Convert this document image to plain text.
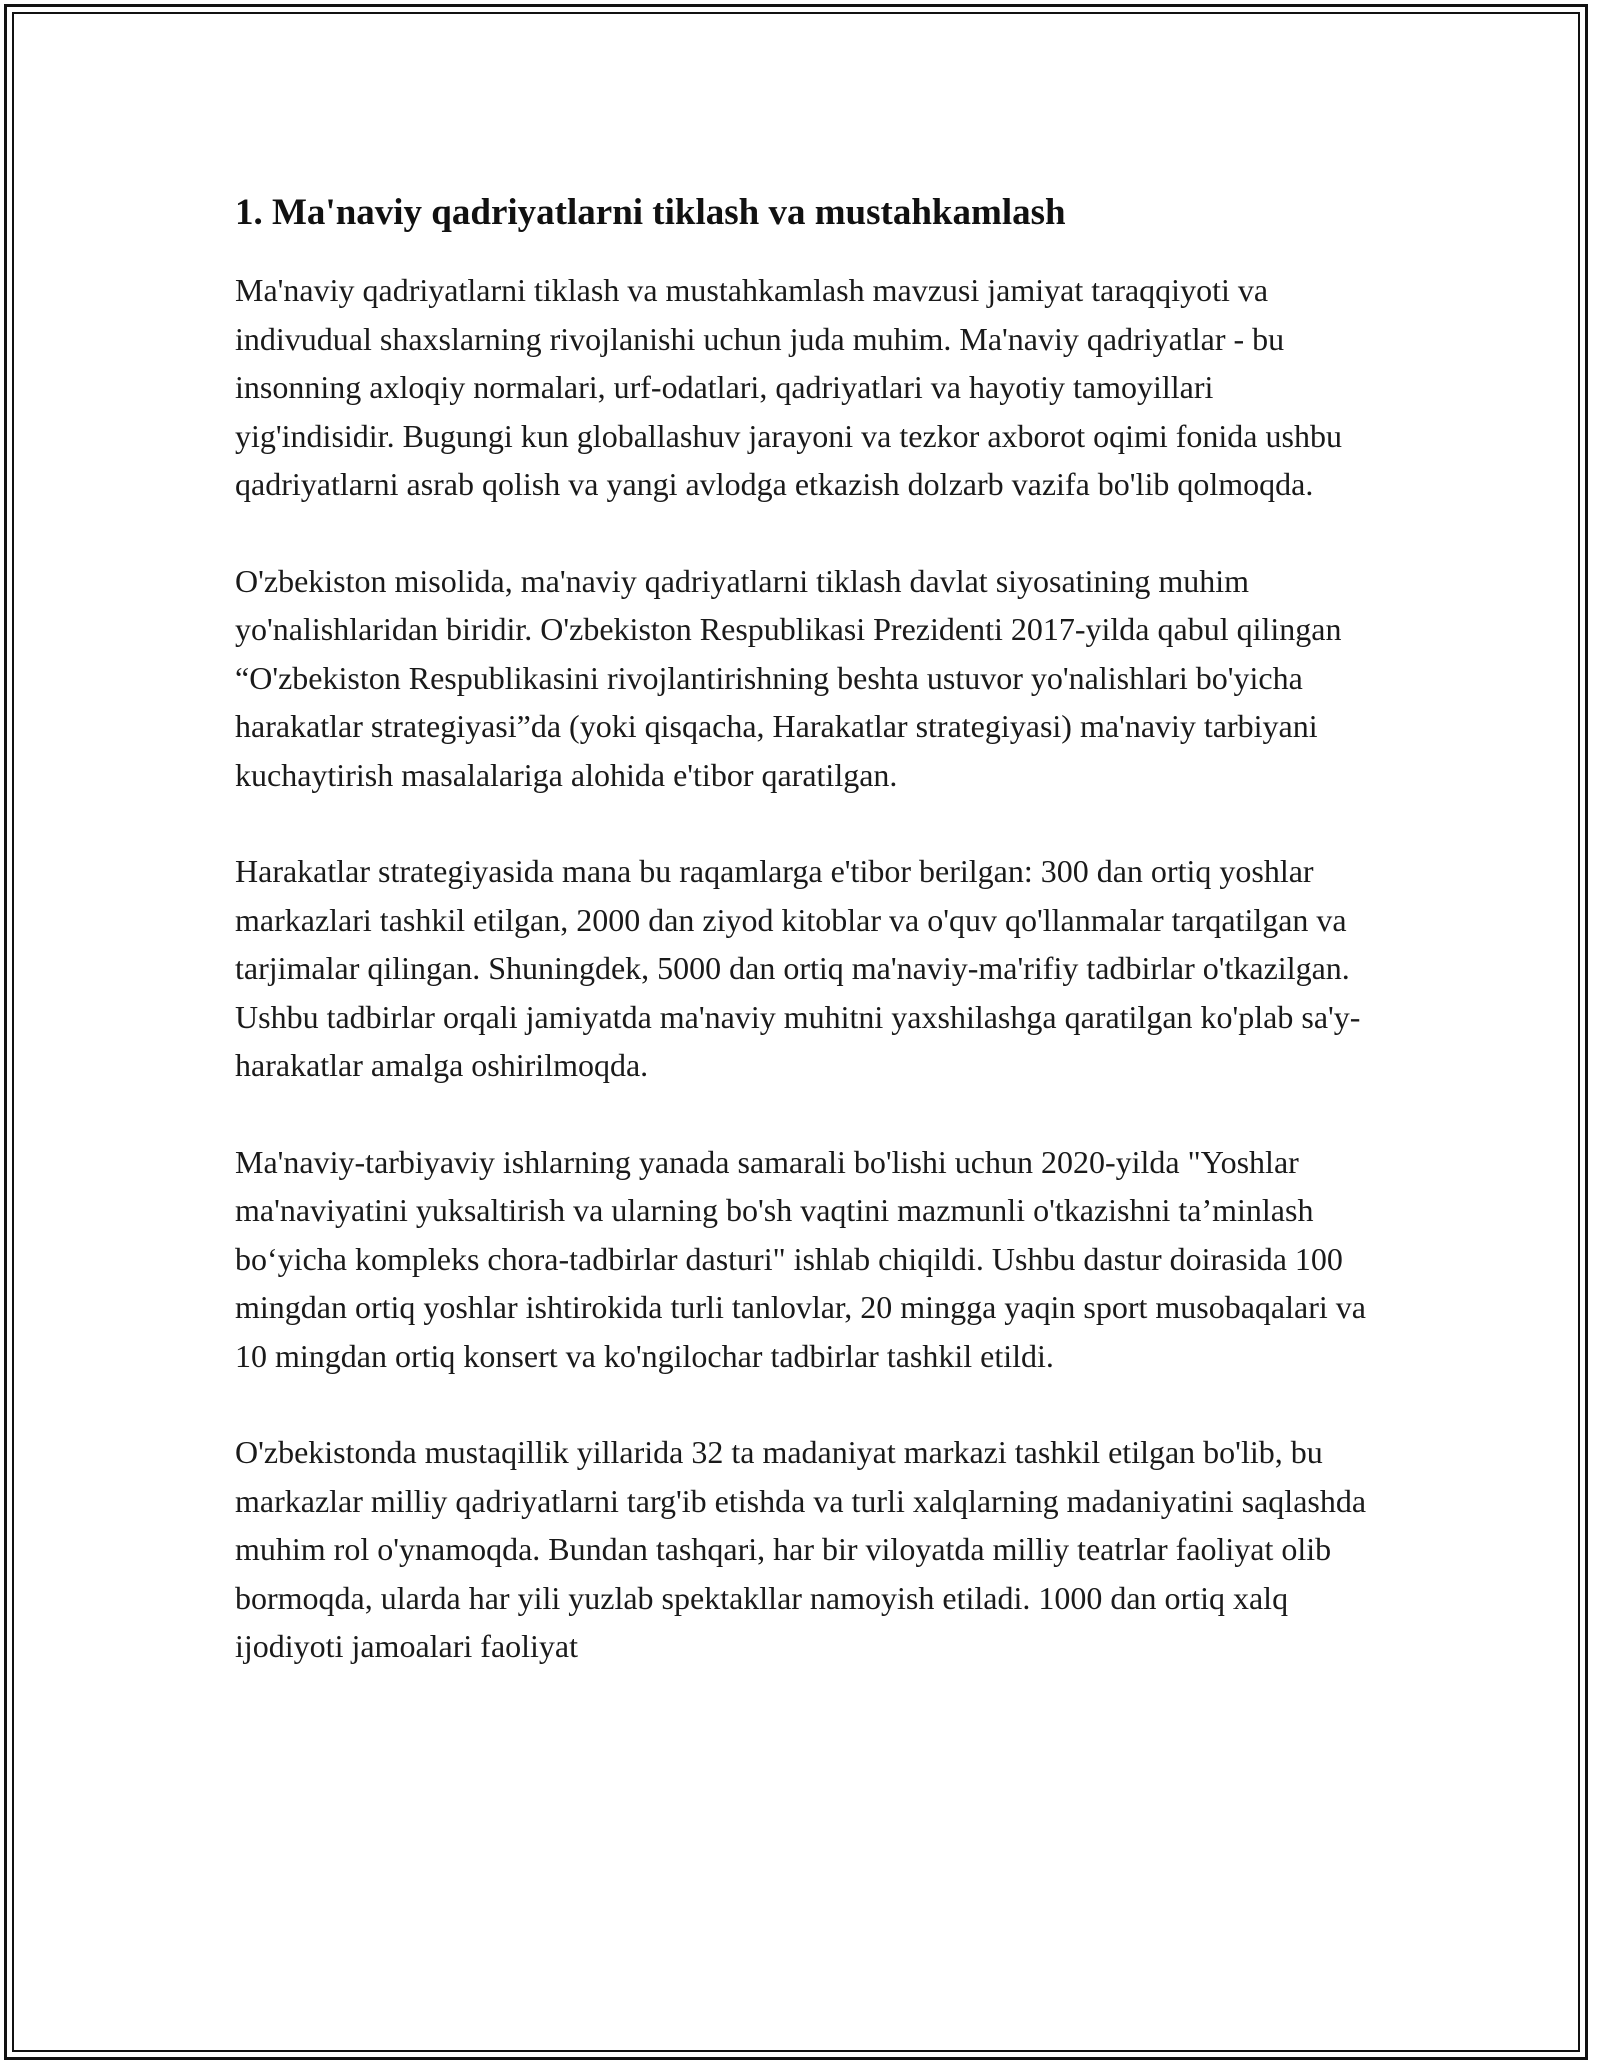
1. Ma'naviy qadriyatlarni tiklash va mustahkamlash

Ma'naviy qadriyatlarni tiklash va mustahkamlash mavzusi jamiyat taraqqiyoti va indivudual shaxslarning rivojlanishi uchun juda muhim. Ma'naviy qadriyatlar - bu insonning axloqiy normalari, urf-odatlari, qadriyatlari va hayotiy tamoyillari yig'indisidir. Bugungi kun globallashuv jarayoni va tezkor axborot oqimi fonida ushbu qadriyatlarni asrab qolish va yangi avlodga etkazish dolzarb vazifa bo'lib qolmoqda.

O'zbekiston misolida, ma'naviy qadriyatlarni tiklash davlat siyosatining muhim yo'nalishlaridan biridir. O'zbekiston Respublikasi Prezidenti 2017-yilda qabul qilingan “O'zbekiston Respublikasini rivojlantirishning beshta ustuvor yo'nalishlari bo'yicha harakatlar strategiyasi”da (yoki qisqacha, Harakatlar strategiyasi) ma'naviy tarbiyani kuchaytirish masalalariga alohida e'tibor qaratilgan.

Harakatlar strategiyasida mana bu raqamlarga e'tibor berilgan: 300 dan ortiq yoshlar markazlari tashkil etilgan, 2000 dan ziyod kitoblar va o'quv qo'llanmalar tarqatilgan va tarjimalar qilingan. Shuningdek, 5000 dan ortiq ma'naviy-ma'rifiy tadbirlar o'tkazilgan. Ushbu tadbirlar orqali jamiyatda ma'naviy muhitni yaxshilashga qaratilgan ko'plab sa'y-harakatlar amalga oshirilmoqda.

Ma'naviy-tarbiyaviy ishlarning yanada samarali bo'lishi uchun 2020-yilda "Yoshlar ma'naviyatini yuksaltirish va ularning bo'sh vaqtini mazmunli o'tkazishni ta’minlash bo‘yicha kompleks chora-tadbirlar dasturi" ishlab chiqildi. Ushbu dastur doirasida 100 mingdan ortiq yoshlar ishtirokida turli tanlovlar, 20 mingga yaqin sport musobaqalari va 10 mingdan ortiq konsert va ko'ngilochar tadbirlar tashkil etildi.

O'zbekistonda mustaqillik yillarida 32 ta madaniyat markazi tashkil etilgan bo'lib, bu markazlar milliy qadriyatlarni targ'ib etishda va turli xalqlarning madaniyatini saqlashda muhim rol o'ynamoqda. Bundan tashqari, har bir viloyatda milliy teatrlar faoliyat olib bormoqda, ularda har yili yuzlab spektakllar namoyish etiladi. 1000 dan ortiq xalq ijodiyoti jamoalari faoliyat
